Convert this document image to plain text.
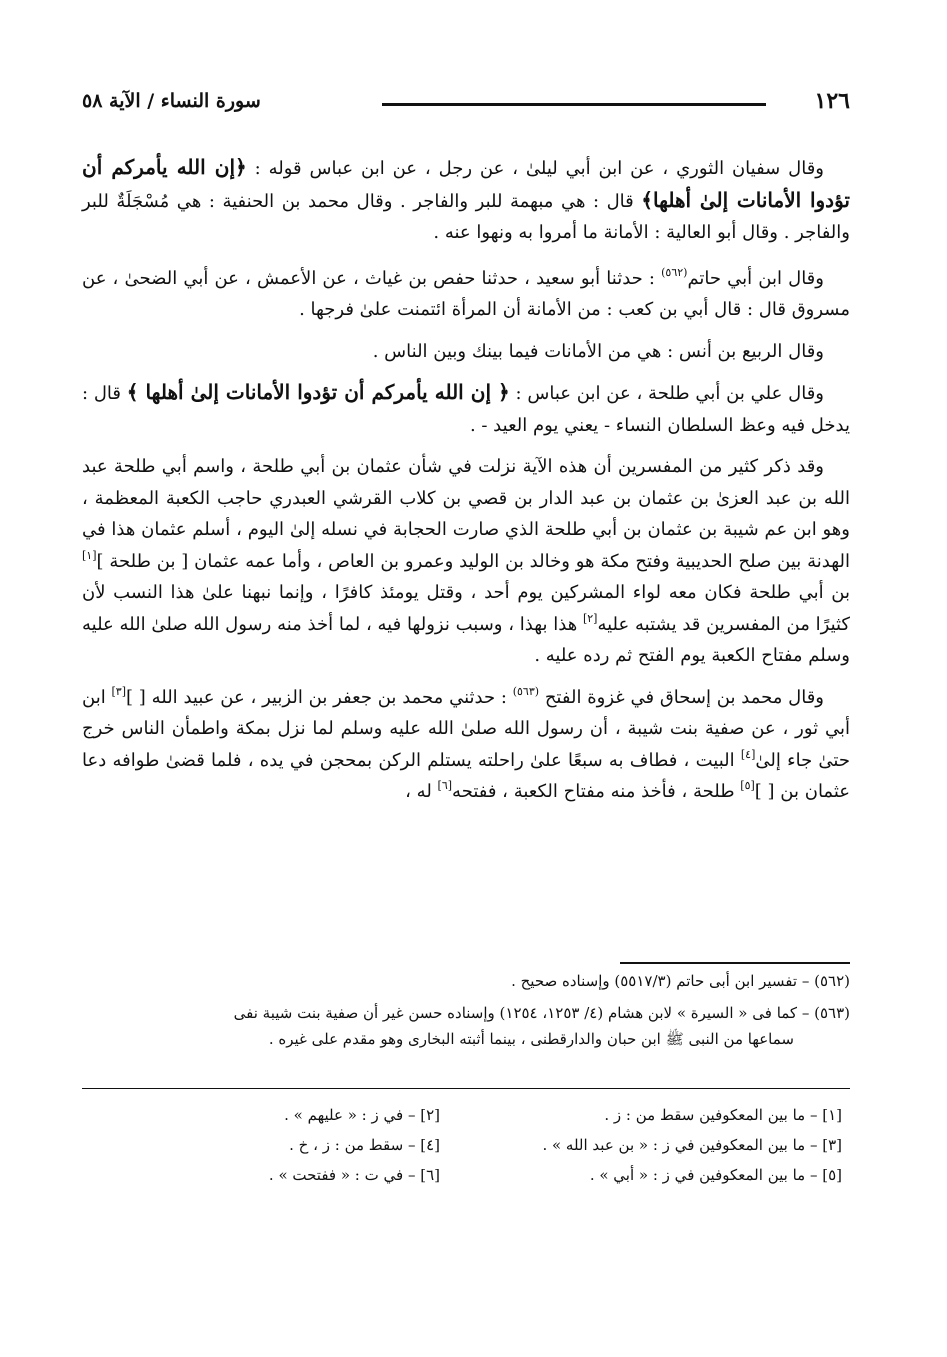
١٢٦
سورة النساء / الآية ٥٨

وقال سفيان الثوري ، عن ابن أبي ليلىٰ ، عن رجل ، عن ابن عباس قوله : ﴿إن الله يأمركم أن تؤدوا الأمانات إلىٰ أهلها﴾ قال : هي مبهمة للبر والفاجر . وقال محمد بن الحنفية : هي مُسْجَلَةٌ للبر والفاجر . وقال أبو العالية : الأمانة ما أمروا به ونهوا عنه .

وقال ابن أبي حاتم$^{(٥٦٢)}$ : حدثنا أبو سعيد ، حدثنا حفص بن غياث ، عن الأعمش ، عن أبي الضحىٰ ، عن مسروق قال : قال أبي بن كعب : من الأمانة أن المرأة ائتمنت علىٰ فرجها .

وقال الربيع بن أنس : هي من الأمانات فيما بينك وبين الناس .

وقال علي بن أبي طلحة ، عن ابن عباس : ﴿ إن الله يأمركم أن تؤدوا الأمانات إلىٰ أهلها ﴾ قال : يدخل فيه وعظ السلطان النساء - يعني يوم العيد - .

وقد ذكر كثير من المفسرين أن هذه الآية نزلت في شأن عثمان بن أبي طلحة ، واسم أبي طلحة عبد الله بن عبد العزىٰ بن عثمان بن عبد الدار بن قصي بن كلاب القرشي العبدري حاجب الكعبة المعظمة ، وهو ابن عم شيبة بن عثمان بن أبي طلحة الذي صارت الحجابة في نسله إلىٰ اليوم ، أسلم عثمان هذا في الهدنة بين صلح الحديبية وفتح مكة هو وخالد بن الوليد وعمرو بن العاص ، وأما عمه عثمان [ بن طلحة ][١] بن أبي طلحة فكان معه لواء المشركين يوم أحد ، وقتل يومئذ كافرًا ، وإنما نبهنا علىٰ هذا النسب لأن كثيرًا من المفسرين قد يشتبه عليه[٢] هذا بهذا ، وسبب نزولها فيه ، لما أخذ منه رسول الله صلىٰ الله عليه وسلم مفتاح الكعبة يوم الفتح ثم رده عليه .

وقال محمد بن إسحاق في غزوة الفتح $^{(٥٦٣)}$ : حدثني محمد بن جعفر بن الزبير ، عن عبيد الله [ ][٣] ابن أبي ثور ، عن صفية بنت شيبة ، أن رسول الله صلىٰ الله عليه وسلم لما نزل بمكة واطمأن الناس خرج حتىٰ جاء إلىٰ[٤] البيت ، فطاف به سبعًا علىٰ راحلته يستلم الركن بمحجن في يده ، فلما قضىٰ طوافه دعا عثمان بن [ ][٥] طلحة ، فأخذ منه مفتاح الكعبة ، ففتحه[٦] له ،

(٥٦٢) – تفسير ابن أبى حاتم (٥٥١٧/٣) وإسناده صحيح .
(٥٦٣) – كما فى « السيرة » لابن هشام (٤/ ١٢٥٣، ١٢٥٤) وإسناده حسن غير أن صفية بنت شيبة نفى
سماعها من النبى ﷺ ابن حبان والدارقطنى ، بينما أثبته البخارى وهو مقدم على غيره .
[١] – ما بين المعكوفين سقط من : ز .
[٢] – في ز : « عليهم » .
[٣] – ما بين المعكوفين في ز : « بن عبد الله » .
[٤] – سقط من : ز ، خ .
[٥] – ما بين المعكوفين في ز : « أبي » .
[٦] – في ت : « ففتحت » .
